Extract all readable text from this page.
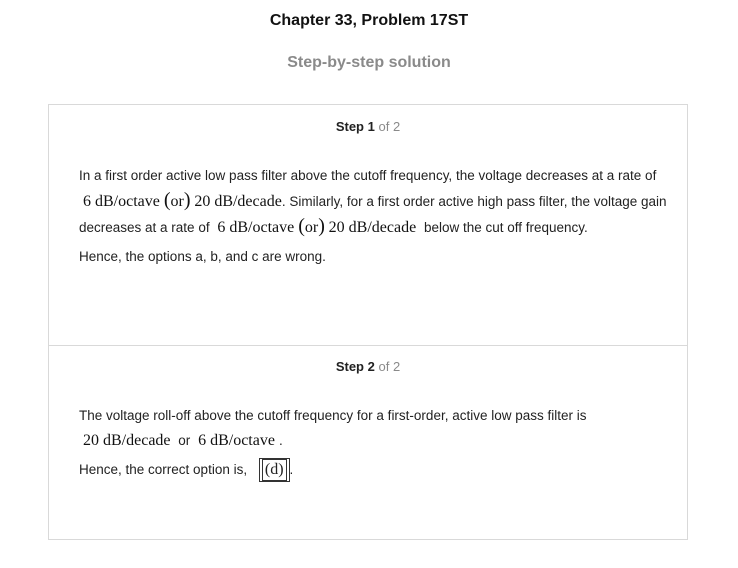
Chapter 33, Problem 17ST
Step-by-step solution
Step 1 of 2

In a first order active low pass filter above the cutoff frequency, the voltage decreases at a rate of 6 dB/octave (or) 20 dB/decade. Similarly, for a first order active high pass filter, the voltage gain decreases at a rate of 6 dB/octave (or) 20 dB/decade below the cut off frequency.

Hence, the options a, b, and c are wrong.

Step 2 of 2

The voltage roll-off above the cutoff frequency for a first-order, active low pass filter is
20 dB/decade or 6 dB/octave .

Hence, the correct option is, (d) .
